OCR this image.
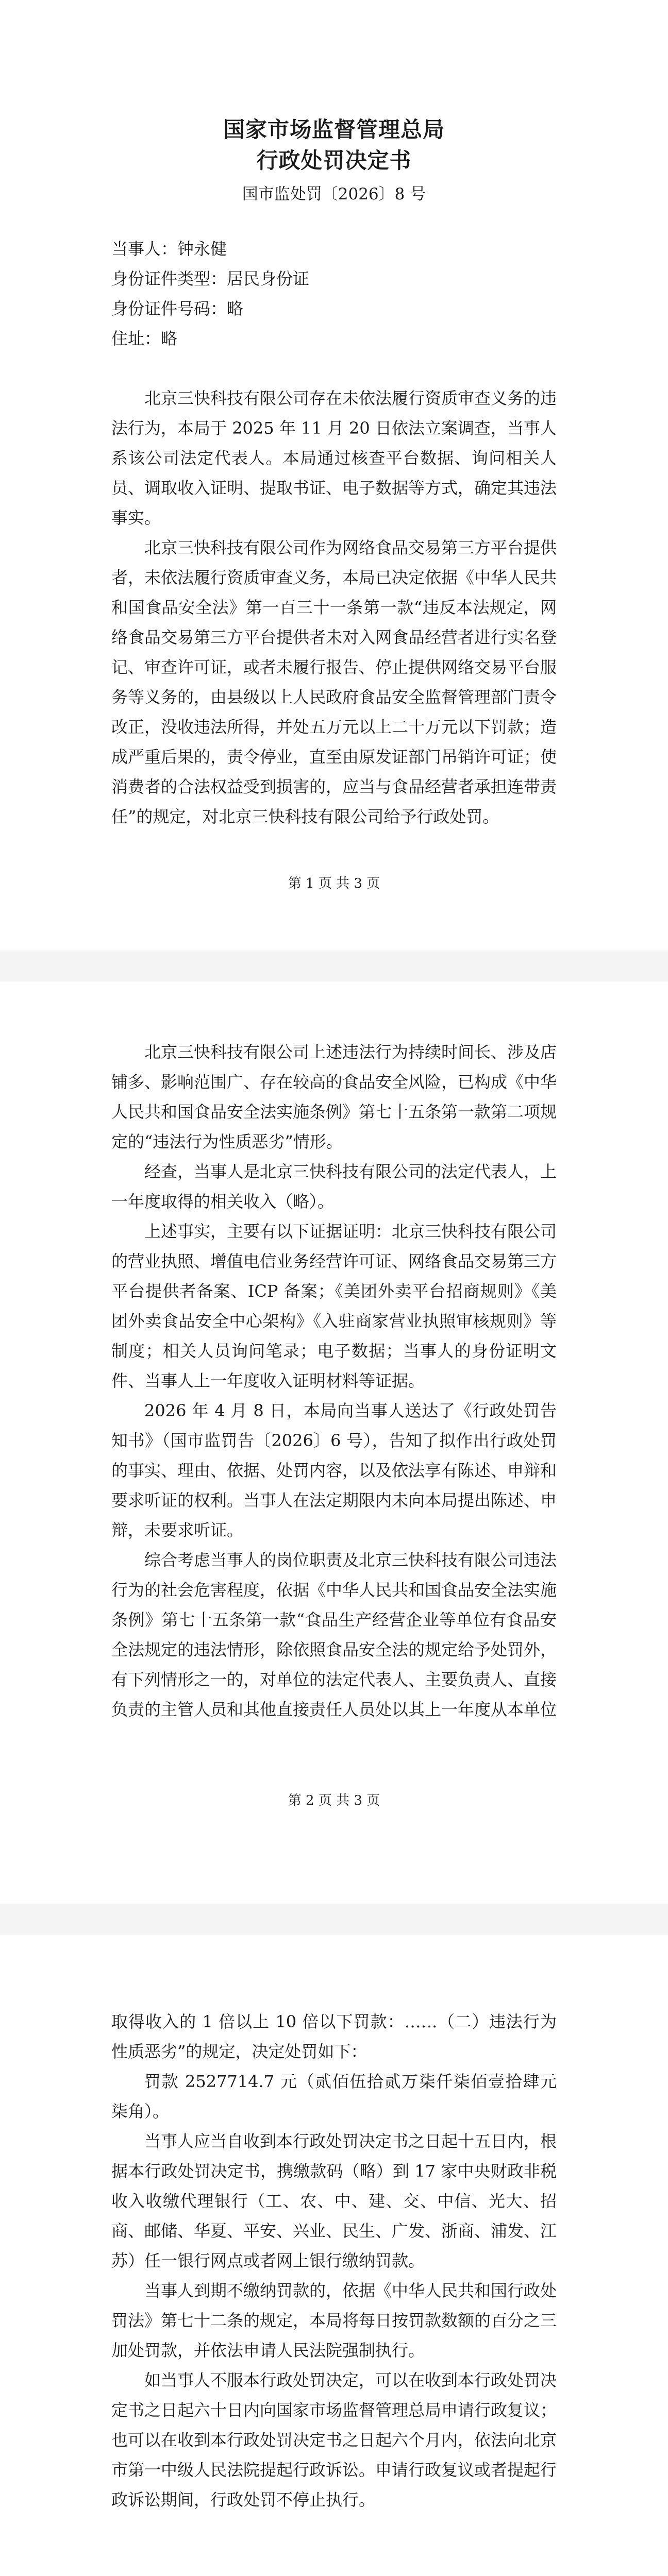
国家市场监督管理总局

行政处罚决定书

国市监处罚〔2026〕8 号

当事人：钟永健

身份证件类型：居民身份证

身份证件号码：略

住址：略

北京三快科技有限公司存在未依法履行资质审查义务的违法行为，本局于 2025 年 11 月 20 日依法立案调查，当事人系该公司法定代表人。本局通过核查平台数据、询问相关人员、调取收入证明、提取书证、电子数据等方式，确定其违法事实。

北京三快科技有限公司作为网络食品交易第三方平台提供者，未依法履行资质审查义务，本局已决定依据《中华人民共和国食品安全法》第一百三十一条第一款“违反本法规定，网络食品交易第三方平台提供者未对入网食品经营者进行实名登记、审查许可证，或者未履行报告、停止提供网络交易平台服务等义务的，由县级以上人民政府食品安全监督管理部门责令改正，没收违法所得，并处五万元以上二十万元以下罚款；造成严重后果的，责令停业，直至由原发证部门吊销许可证；使消费者的合法权益受到损害的，应当与食品经营者承担连带责任”的规定，对北京三快科技有限公司给予行政处罚。

第 1 页 共 3 页

北京三快科技有限公司上述违法行为持续时间长、涉及店铺多、影响范围广、存在较高的食品安全风险，已构成《中华人民共和国食品安全法实施条例》第七十五条第一款第二项规定的“违法行为性质恶劣”情形。

经查，当事人是北京三快科技有限公司的法定代表人，上一年度取得的相关收入（略）。

上述事实，主要有以下证据证明：北京三快科技有限公司的营业执照、增值电信业务经营许可证、网络食品交易第三方平台提供者备案、ICP 备案；《美团外卖平台招商规则》《美团外卖食品安全中心架构》《入驻商家营业执照审核规则》等制度；相关人员询问笔录；电子数据；当事人的身份证明文件、当事人上一年度收入证明材料等证据。

2026 年 4 月 8 日，本局向当事人送达了《行政处罚告知书》（国市监罚告〔2026〕6 号），告知了拟作出行政处罚的事实、理由、依据、处罚内容，以及依法享有陈述、申辩和要求听证的权利。当事人在法定期限内未向本局提出陈述、申辩，未要求听证。

综合考虑当事人的岗位职责及北京三快科技有限公司违法行为的社会危害程度，依据《中华人民共和国食品安全法实施条例》第七十五条第一款“食品生产经营企业等单位有食品安全法规定的违法情形，除依照食品安全法的规定给予处罚外，有下列情形之一的，对单位的法定代表人、主要负责人、直接负责的主管人员和其他直接责任人员处以其上一年度从本单位

第 2 页 共 3 页

取得收入的 1 倍以上 10 倍以下罚款：……（二）违法行为性质恶劣”的规定，决定处罚如下：

罚款 2527714.7 元（贰佰伍拾贰万柒仟柒佰壹拾肆元柒角）。

当事人应当自收到本行政处罚决定书之日起十五日内，根据本行政处罚决定书，携缴款码（略）到 17 家中央财政非税收入收缴代理银行（工、农、中、建、交、中信、光大、招商、邮储、华夏、平安、兴业、民生、广发、浙商、浦发、江苏）任一银行网点或者网上银行缴纳罚款。

当事人到期不缴纳罚款的，依据《中华人民共和国行政处罚法》第七十二条的规定，本局将每日按罚款数额的百分之三加处罚款，并依法申请人民法院强制执行。

如当事人不服本行政处罚决定，可以在收到本行政处罚决定书之日起六十日内向国家市场监督管理总局申请行政复议；也可以在收到本行政处罚决定书之日起六个月内，依法向北京市第一中级人民法院提起行政诉讼。申请行政复议或者提起行政诉讼期间，行政处罚不停止执行。
